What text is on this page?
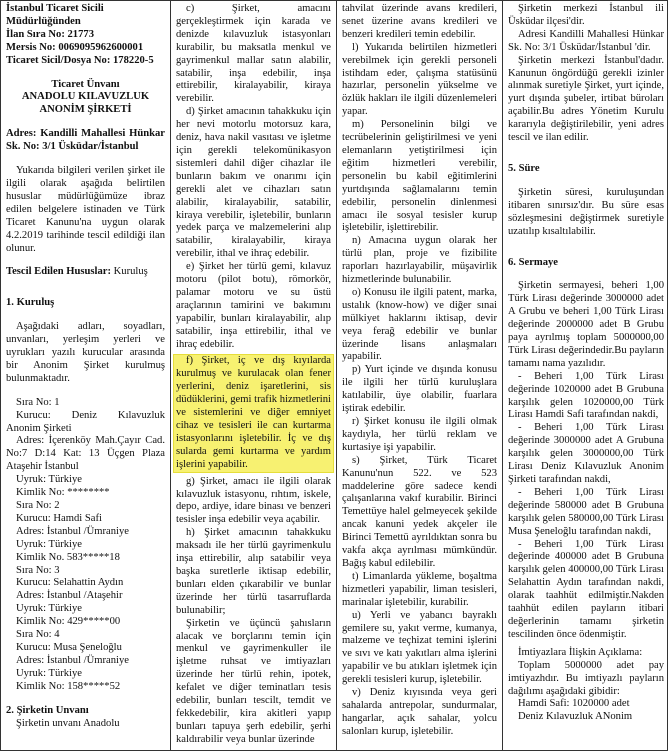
İstanbul Ticaret Sicili Müdürlüğünden
İlan Sıra No: 21773
Mersis No: 0069095962600001
Ticaret Sicil/Dosya No: 178220-5
Ticaret Ünvanı
ANADOLU KILAVUZLUK ANONİM ŞİRKETİ
Adres: Kandilli Mahallesi Hünkar Sk. No: 3/1 Üsküdar/İstanbul
Yukarıda bilgileri verilen şirket ile ilgili olarak aşağıda belirtilen hususlar müdürlüğümüze ibraz edilen belgelere istinaden ve Türk Ticaret Kanunu'na uygun olarak 4.2.2019 tarihinde tescil edildiği ilan olunur.
Tescil Edilen Hususlar: Kuruluş
1. Kuruluş
Aşağıdaki adları, soyadları, unvanları, yerleşim yerleri ve uyrukları yazılı kurucular arasında bir Anonim Şirket kurulmuş bulunmaktadır.
Sıra No: 1
Kurucu: Deniz Kılavuzluk Anonim Şirketi
Adres: İçerenköy Mah.Çayır Cad. No:7 D:14 Kat: 13 Üçgen Plaza Ataşehir İstanbul
Uyruk: Türkiye
Kimlik No: ********
Sıra No: 2
Kurucu: Hamdi Safi
Adres: İstanbul /Ümraniye
Uyruk: Türkiye
Kimlik No. 583*****18
Sıra No: 3
Kurucu: Selahattin Aydın
Adres: İstanbul /Ataşehir
Uyruk: Türkiye
Kimlik No: 429*****00
Sıra No: 4
Kurucu: Musa Şeneloğlu
Adres: İstanbul /Ümraniye
Uyruk: Türkiye
Kimlik No: 158*****52
2. Şirketin Unvanı
Şirketin unvanı Anadolu
c) Şirket, amacını gerçekleştirmek için karada ve denizde kılavuzluk istasyonları kurabilir, bu maksatla menkul ve gayrimenkul mallar satın alabilir, satabilir, inşa edebilir, inşa ettirebilir, kiralayabilir, kiraya verebilir.
d) Şirket amacının tahakkuku için her nevi motorlu motorsuz kara, deniz, hava nakil vasıtası ve işletme için gerekli telekomünikasyon sistemleri dahil diğer cihazlar ile bunların bakım ve onarımı için gerekli alet ve cihazları satın alabilir, kiralayabilir, satabilir, kiraya verebilir, işletebilir, bunların yedek parça ve malzemelerini alıp satabilir, kiralayabilir, kiraya verebilir, ithal ve ihraç edebilir.
e) Şirket her türlü gemi, kılavuz motoru (pilot botu), römorkör, palamar motoru ve su üstü araçlarının tamirini ve bakımını yapabilir, bunları kiralayabilir, alıp satabilir, inşa ettirebilir, ithal ve ihraç edebilir.
f) Şirket, iç ve dış kıyılarda kurulmuş ve kurulacak olan fener yerlerini, deniz işaretlerini, sis düdüklerini, gemi trafik hizmetlerini ve sistemlerini ve diğer emniyet cihaz ve tesisleri ile can kurtarma istasyonlarını işletebilir. İç ve dış sularda gemi kurtarma ve yardım işlerini yapabilir.
g) Şirket, amacı ile ilgili olarak kılavuzluk istasyonu, rıhtım, iskele, depo, ardiye, idare binası ve benzeri tesisler inşa edebilir veya açabilir.
h) Şirket amacının tahakkuku maksadı ile her türlü gayrimenkulu inşa ettirebilir, alıp satabilir veya başka suretlerle iktisap edebilir, bunları elden çıkarabilir ve bunlar üzerinde her türlü tasarruflarda bulunabilir;
Şirketin ve üçüncü şahısların alacak ve borçlarını temin için menkul ve gayrimenkuller ile işletme ruhsat ve imtiyazları üzerinde her türlü rehin, ipotek, kefalet ve diğer teminatları tesis edebilir, bunları tescilt, temdit ve fekkedebilir, kira akitleri yapıp bunları tapuya şerh edebilir, şerhi kaldırabilir veya bunlar üzerinde
tahvilat üzerinde avans kredileri, senet üzerine avans kredileri ve benzeri kredileri temin edebilir.
l) Yukarıda belirtilen hizmetleri verebilmek için gerekli personeli istihdam eder, çalışma statüsünü hazırlar, personelin yükselme ve özlük hakları ile ilgili düzenlemeleri yapar.
m) Personelinin bilgi ve tecrübelerinin geliştirilmesi ve yeni elemanların yetiştirilmesi için eğitim hizmetleri verebilir, personelin bu kabil eğitimlerini yurtdışında sağlamalarını temin edebilir, personelin dinlenmesi amacı ile sosyal tesisler kurup işletebilir, işlettirebilir.
n) Amacına uygun olarak her türlü plan, proje ve fizibilite raporları hazırlayabilir, müşavirlik hizmetlerinde bulunabilir.
o) Konusu ile ilgili patent, marka, ustalık (know-how) ve diğer sınai mülkiyet haklarını iktisap, devir veya ferağ edebilir ve bunlar üzerinde lisans anlaşmaları yapabilir.
p) Yurt içinde ve dışında konusu ile ilgili her türlü kuruluşlara katılabilir, üye olabilir, fuarlara iştirak edebilir.
r) Şirket konusu ile ilgili olmak kaydıyla, her türlü reklam ve kurtasiye işi yapabilir.
s) Şirket, Türk Ticaret Kanunu'nun 522. ve 523 maddelerine göre sadece kendi çalışanlarına vakıf kurabilir. Birinci Temettüye halel gelmeyecek şekilde ancak kanuni yedek akçeler ile Birinci Temettü ayrıldıktan sonra bu vakfa akça ayrılması mümkündür. Bağış kabul edilebilir.
t) Limanlarda yükleme, boşaltma hizmetleri yapabilir, liman tesisleri, marinalar işletebilir, kurabilir.
u) Yerli ve yabancı bayraklı gemilere su, yakıt verme, kumanya, malzeme ve teçhizat temini işlerini ve sıvı ve katı yakıtları alma işlerini yapabilir ve bu atıkları işletmek için gerekli tesisleri kurup, işletebilir.
v) Deniz kıyısında veya geri sahalarda antrepolar, sundurmalar, hangarlar, açık sahalar, yolcu salonları kurup, işletebilir.
Şirketin merkezi İstanbul ili Üsküdar ilçesi'dir.
Adresi Kandilli Mahallesi Hünkar Sk. No: 3/1 Üsküdar/İstanbul 'dir.
Şirketin merkezi İstanbul'dadır. Kanunun öngördüğü gerekli izinler alınmak suretiyle Şirket, yurt içinde, yurt dışında şubeler, irtibat büroları açabilir.Bu adres Yönetim Kurulu kararıyla değiştirilebilir, yeni adres tescil ve ilan edilir.
5. Süre
Şirketin süresi, kuruluşundan itibaren sınırsız'dır. Bu süre esas sözleşmesini değiştirmek suretiyle uzatılıp kısaltılabilir.
6. Sermaye
Şirketin sermayesi, beheri 1,00 Türk Lirası değerinde 3000000 adet A Grubu ve beheri 1,00 Türk Lirası değerinde 2000000 adet B Grubu paya ayrılmış toplam 5000000,00 Türk Lirası değerindedir.Bu payların tamamı nama yazılıdır.
- Beheri 1,00 Türk Lirası değerinde 1020000 adet B Grubuna karşılık gelen 1020000,00 Türk Lirası Hamdi Safi tarafından nakdi,
- Beheri 1,00 Türk Lirası değerinde 3000000 adet A Grubuna karşılık gelen 3000000,00 Türk Lirası Deniz Kılavuzluk Anonim Şirketi tarafından nakdi,
- Beheri 1,00 Türk Lirası değerinde 580000 adet B Grubuna karşılık gelen 580000,00 Türk Lirası Musa Şeneloğlu tarafından nakdi,
- Beheri 1,00 Türk Lirası değerinde 400000 adet B Grubuna karşılık gelen 400000,00 Türk Lirası Selahattin Aydın tarafından nakdi, olarak taahhüt edilmiştir.Nakden taahhüt edilen payların itibari değerlerinin tamamı şirketin tescilinden önce ödenmiştir.
İmtiyazlara İlişkin Açıklama:
Toplam 5000000 adet pay imtiyazhdır. Bu imtiyazlı payların dağılımı aşağıdaki gibidir:
Hamdi Safi: 1020000 adet
Deniz Kılavuzluk ANonim
